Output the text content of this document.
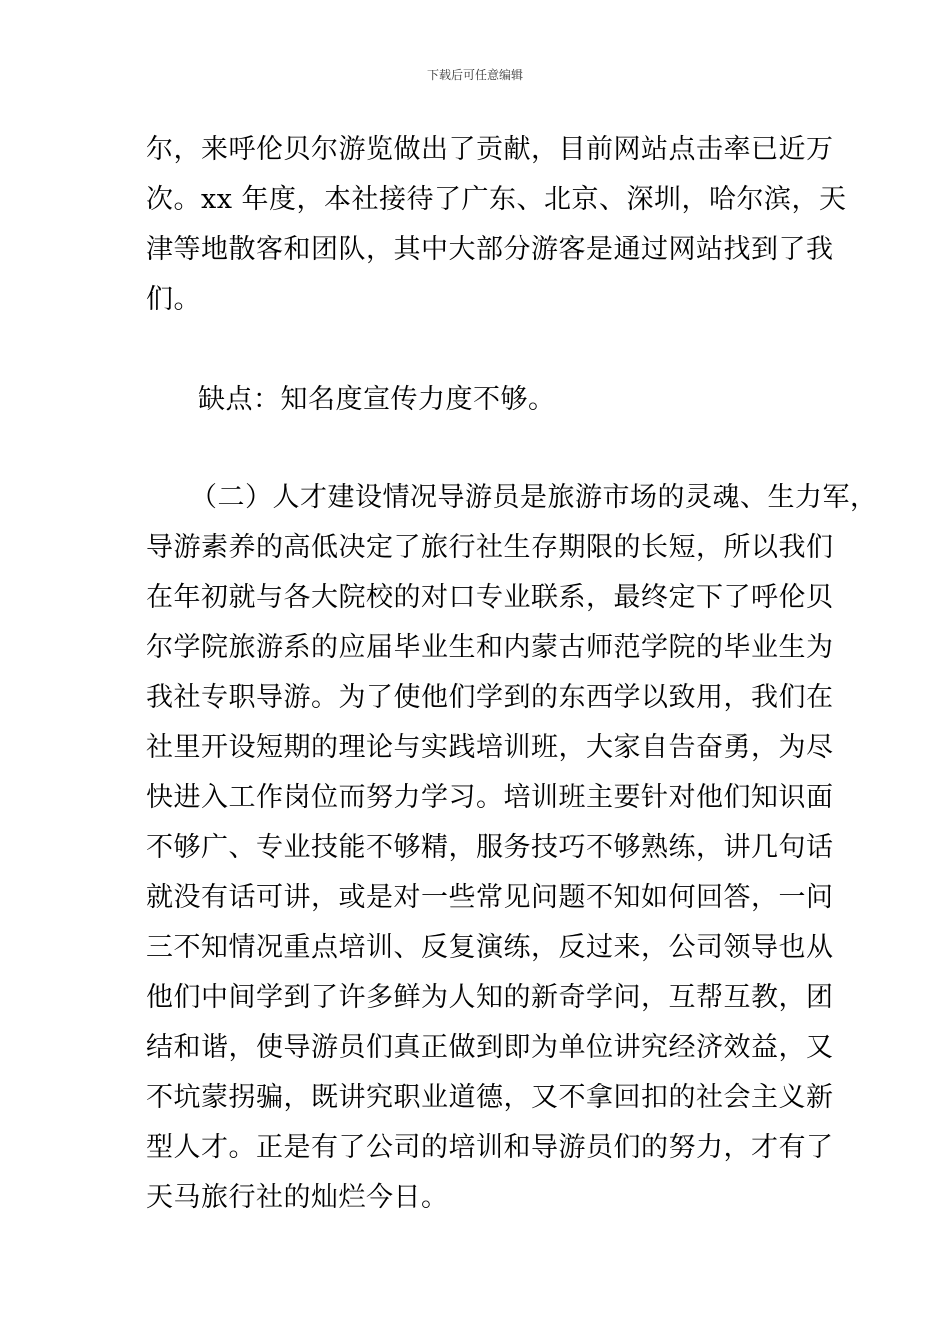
下载后可任意编辑
尔，来呼伦贝尔游览做出了贡献，目前网站点击率已近万
次。xx 年度，本社接待了广东、北京、深圳，哈尔滨，天
津等地散客和团队，其中大部分游客是通过网站找到了我
们。
缺点：知名度宣传力度不够。
（二）人才建设情况导游员是旅游市场的灵魂、生力军，
导游素养的高低决定了旅行社生存期限的长短，所以我们
在年初就与各大院校的对口专业联系，最终定下了呼伦贝
尔学院旅游系的应届毕业生和内蒙古师范学院的毕业生为
我社专职导游。为了使他们学到的东西学以致用，我们在
社里开设短期的理论与实践培训班，大家自告奋勇，为尽
快进入工作岗位而努力学习。培训班主要针对他们知识面
不够广、专业技能不够精，服务技巧不够熟练，讲几句话
就没有话可讲，或是对一些常见问题不知如何回答，一问
三不知情况重点培训、反复演练，反过来，公司领导也从
他们中间学到了许多鲜为人知的新奇学问，互帮互教，团
结和谐，使导游员们真正做到即为单位讲究经济效益，又
不坑蒙拐骗，既讲究职业道德，又不拿回扣的社会主义新
型人才。正是有了公司的培训和导游员们的努力，才有了
天马旅行社的灿烂今日。
